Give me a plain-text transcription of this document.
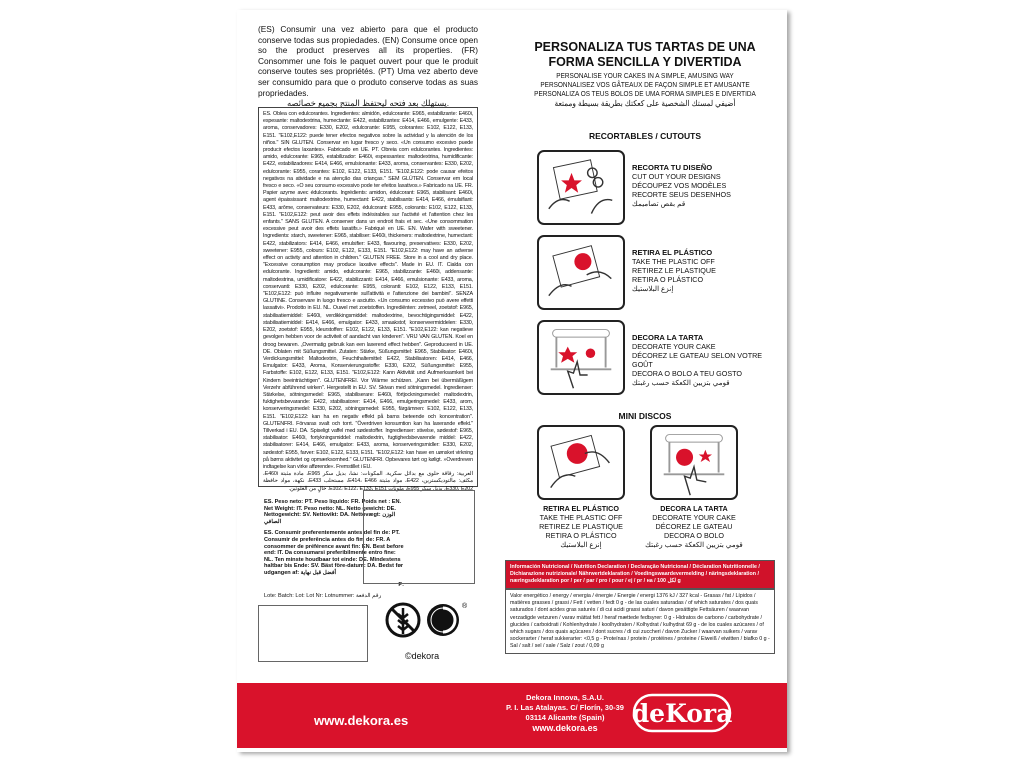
(ES) Consumir una vez abierto para que el producto conserve todas sus propiedades. (EN) Consume once open so the product preserves all its properties. (FR) Consommer une fois le paquet ouvert pour que le produit conserve toutes ses propriétés. (PT) Uma vez aberto deve ser consumido para que o produto conserve todas as suas propriedades.
يستهلك بعد فتحه ليحتفظ المنتج بجميع خصائصه.
ES. Oblea con edulcorantes. Ingredientes: almidón, edulcorante: E965, estabilizante: E460i, espesante: maltodextrina, humectante: E422, estabilizantes: E414, E466, emulgente: E433, aroma, conservadores: E330, E202, edulcorante: E955, colorantes: E102, E122, E133, E151. "E102,E122: puede tener efectos negativos sobre la actividad y la atención de los niños." SIN GLUTEN. Conservar en lugar fresco y seco. «Un consumo excesivo puede producir efectos laxantes». Fabricado en UE. PT. Obreia com edulcorantes. Ingredientes: amido, edulcorante: E965, estabilizador: E460i, espessantes: maltodextrina, humidificante: E422, estabilizadores: E414, E466, emulsionante: E433, aroma, conservantes: E330, E202, edulcorante: E955, corantes: E102, E122, E133, E151. "E102,E122: pode causar efeitos negativos na atividade e na atenção das crianças." SEM GLÚTEN. Conservar em local fresco e seco. «O seu consumo excessivo pode ter efeitos laxativos.» Fabricado na UE. FR. Papier azyme avec édulcorants. Ingrédients: amidon, édulcorant: E965, stabilisant: E460i, agent épaississant: maltodextrine, humectant: E422, stabilisants: E414, E466, émulsifiant: E433, arôme, conservateurs: E330, E202, édulcorant: E955, colorants: E102, E122, E133, E151. "E102,E122: peut avoir des effets indésirables sur l'activité et l'attention chez les enfants." SANS GLUTEN. A conserver dans un endroit frais et sec. «Une consommation excessive peut avoir des effets laxatifs.» Fabriqué en UE. EN. Wafer with sweetener. Ingredients: starch, sweetener: E965, stabiliser: E460i, thickeners: maltodextrine, humectant: E422, stabilizators: E414, E466, emulsifier: E433, flavouring, preservatives: E330, E202, sweetener: E955, colours: E102, E122, E133, E151. "E102,E122: may have an adverse effect on activity and attention in children." GLUTEN FREE. Store in a cool and dry place. "Excessive consumption may produce laxative effects". Made in EU. IT. Cialda con edulcorante. Ingredienti: amido, edulcorante: E965, stabilizzante: E460i, addensante: maltodestrina, umidificatore: E422, stabilizzanti: E414, E466, emulsionante: E433, aroma, conservanti: E330, E202, edulcorante: E955, coloranti: E102, E122, E133, E151. "E102,E122: può influire negativamente sull'attività e l'attenzione dei bambini". SENZA GLUTINE. Conservare in luogo fresco e asciutto. «Un consumo eccessivo può avere effetti lassativi». Prodotto in EU. NL. Ouwel met zoetstoffen. Ingrediënten: zetmeel, zoetstof: E965, stabilisatiemiddel: E460i, verdikkingsmiddel: maltodextrine, bevochtigingsmiddel: E422, stabilisatiemiddel: E414, E466, emulgator: E433, smaakstof, konserveermiddelen: E330, E202, zoetstof: E955, kleurstoffen: E102, E122, E133, E151. "E102,E122: kan negatieve gevolgen hebben voor de activiteit of aandacht van kinderen". VRIJ VAN GLUTEN. Koel en droog bewaren. „Overmatig gebruik kan een laxerend effect hebben". Geproduceerd in UE. DE. Oblaten mit Süßungsmittel. Zutaten: Stärke, Süßungsmittel: E965, Stabilisator: E460i, Verdickungsmittel: Maltodextrin, Feuchthaltemittel: E422, Stabilisatoren: E414, E466, Emulgator: E433, Aroma, Konservierungsstoffe: E330, E202, Süßungsmittel: E955, Farbstoffe: E102, E122, E133, E151. "E102,E122: Kann Aktivität und Aufmerksamkeit bei Kindern beeinträchtigen". GLUTENFREI. Vor Wärme schützen. „Kann bei übermäßigem Verzehr abführend wirken". Hergestellt in EU. SV. Skivan med sötningsmedel. Ingredienser: Stärkelse, sötningsmedel: E965, stabiliserare: E460i, förtjockningsmedel: maltodextrin, fuktighetsbevarande: E422, stabilisatorer: E414, E466, emulgeringsmedel: E433, arom, konserveringsmedel: E330, E202, sötningsmedel: E955, färgämnen: E102, E122, E133, E151. "E102,E122: kan ha en negativ effekt på barns beteende och koncentration". GLUTENFRI. Förvaras svalt och torrt. "Överdriven konsumtion kan ha laxerande effekt." Tillverkad i EU. DA. Spiseligt vaffel med sødestoffer. Ingredienser: stivelse, sødestof: E965, stabilisator: E460i, fortykningsmiddel: maltodextrin, fugtighedsbevarende middel: E422, stabilisatorer: E414, E466, emulgator: E433, aroma, konserveringsmidler: E330, E202, sødestof: E955, farver: E102, E122, E133, E151. "E102,E122: kan have en uønsket virkning på børns aktivitet og opmærksomhed." GLUTENFRI. Opbevares tørt og køligt. »Overdreven indtagelse kan virke afførende«. Fremstillet i EU.
العربية: رقاقة حلوى مع بدائل سكرية. المكونات: نشا، بديل سكر E965، مادة مثبتة E460i، مكثف: مالتوديكسترين، E422، مواد مثبتة E414، E466، مستحلب E433، نكهة، مواد حافظة E330، E202، بديل سكر E955، ملونات E102، E122، E133، E151. خالٍ من الغلوتين.

ES. Peso neto: PT. Peso líquido: FR. Poids net : EN. Net Weight: IT. Peso netto: NL. Netto gewicht: DE. Nettogewicht: SV. Nettovikt: DA. Nettovægt: الوزن الصافي

ES. Consumir preferentemente antes del fin de: PT. Consumir de preferência antes do fim de: FR. A consommer de préférence avant fin: EN. Best before end: IT. Da consumarsi preferibilmente entro fine: NL. Ten minste houdbaar tot einde: DE. Mindestens haltbar bis Ende: SV. Bäst före-datum: DA. Bedst før udgangen af: أفضل قبل نهاية

P:

Lote: Batch: Lot: Lot Nr: Lotnummer: رقم الدفعة

®
©dekora
PERSONALIZA TUS TARTAS DE UNA FORMA SENCILLA Y DIVERTIDA
PERSONALISE YOUR CAKES IN A SIMPLE, AMUSING WAY
PERSONNALISEZ VOS GÂTEAUX DE FAÇON SIMPLE ET AMUSANTE
PERSONALIZA OS TEUS BOLOS DE UMA FORMA SIMPLES E DIVERTIDA
أضيفي لمستك الشخصية على كعكتك بطريقة بسيطة وممتعة
RECORTABLES / CUTOUTS
RECORTA TU DISEÑO
CUT OUT YOUR DESIGNS
DÉCOUPEZ VOS MODÈLES
RECORTE SEUS DESENHOS
قم بقص تصاميمك
RETIRA EL PLÁSTICO
TAKE THE PLASTIC OFF
RETIREZ LE PLASTIQUE
RETIRA O PLÁSTICO
إنزع البلاستيك
DECORA LA TARTA
DECORATE YOUR CAKE
DÉCOREZ LE GATEAU SELON VOTRE GOÛT
DECORA O BOLO A TEU GOSTO
قومي بتزيين الكعكة حسب رغبتك
MINI DISCOS
RETIRA EL PLÁSTICO
TAKE THE PLASTIC OFF
RETIREZ LE PLASTIQUE
RETIRA O PLÁSTICO
إنزع البلاستيك
DECORA LA TARTA
DECORATE YOUR CAKE
DÉCOREZ LE GATEAU
DECORA O BOLO
قومي بتزيين الكعكة حسب رغبتك
Información Nutricional / Nutrition Declaration / Declaração Nutricional / Déclaration Nutritionnelle / Dichiarazione nutrizionale/ Nährwertdeklaration / Voedingswaardevermelding / näringsdeklaration / næringsdeklaration por / per / par / pro / pour / ej / pr / на / لكل 100 g
Valor energético / energy / energia / énergie / Energie / energi 1376 kJ / 327 kcal - Grasas / fat / Lípidos / matières grasses / grassi / Fett / vetten / fedt 0 g - de las cuales saturadas / of which saturates / dos quais saturados / dont acides gras saturés / di cui acidi grassi saturi / davon gesättigte Fettsäuren / waarvan verzadigde vetzuren / varav mättat fett / heraf mættede fedtsyrer: 0 g - Hidratos de carbono / carbohydrate / glucides / carboidrati / Kohlenhydrate / koolhydraten / Kolhydrat / kulhydrat 69 g - de los cuales azúcares / of which sugars / dos quais açúcares / dont sucres / di cui zuccheri / davon Zucker / waarvan suikers / varav sockerarter / heraf sukkerarter: <0,5 g - Proteínas / protein / protéines / proteine / Eiweiß / eiwitten / biafko 0 g - Sal / salt / sel / sale / Salz / zout / 0,09 g
www.dekora.es
Dekora Innova, S.A.U.
P. I. Las Atalayas. C/ Florín, 30-39
03114 Alicante (Spain)
www.dekora.es	deKora
